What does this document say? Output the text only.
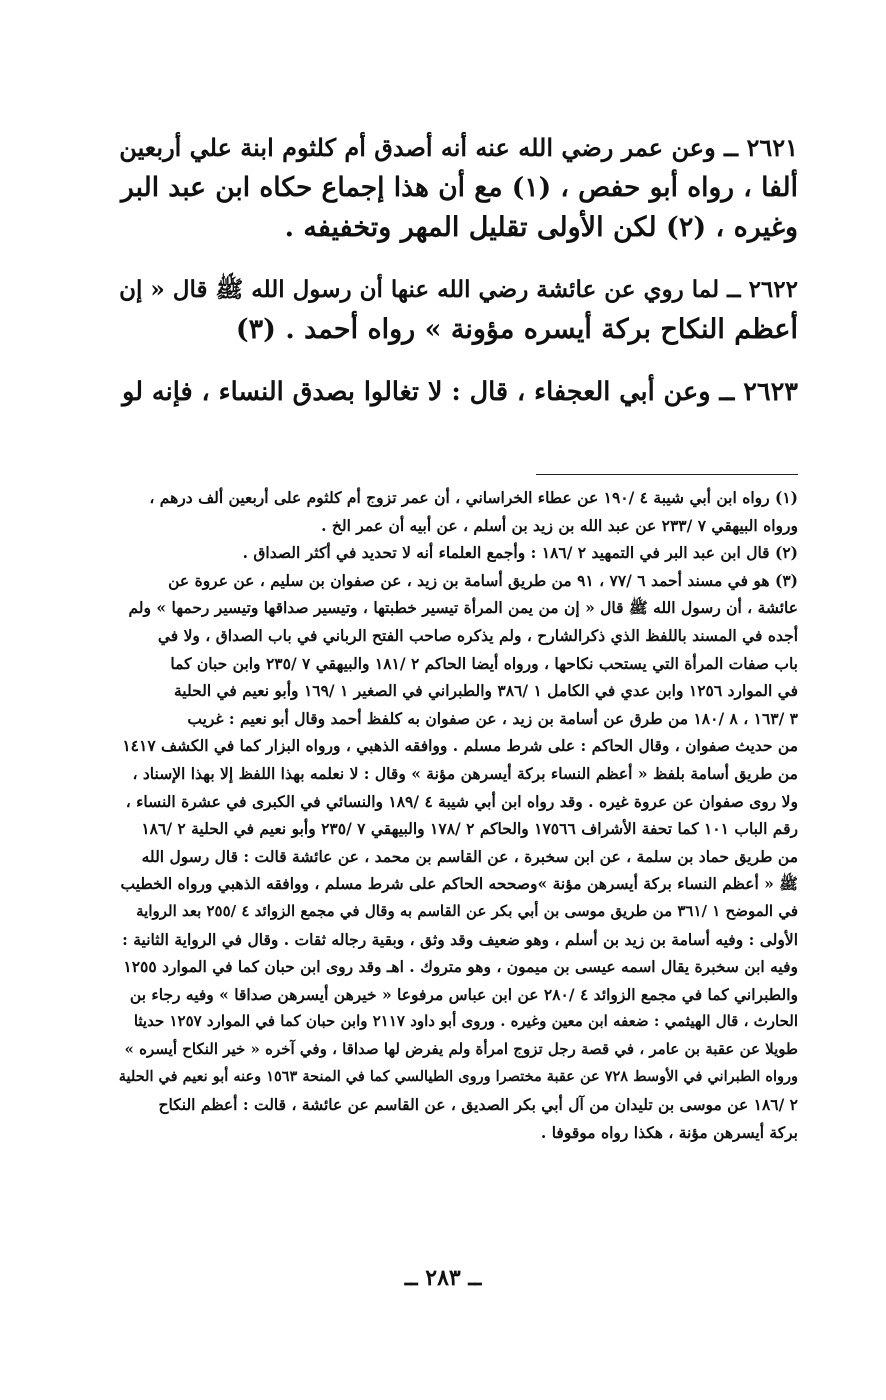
٢٦٢١ ــ وعن عمر رضي الله عنه أنه أصدق أم كلثوم ابنة علي أربعين
ألفا ، رواه أبو حفص ، (١) مع أن هذا إجماع حكاه ابن عبد البر
وغيره ، (٢) لكن الأولى تقليل المهر وتخفيفه .
٢٦٢٢ ــ لما روي عن عائشة رضي الله عنها أن رسول الله ﷺ قال « إن
أعظم النكاح بركة أيسره مؤونة » رواه أحمد . (٣)
٢٦٢٣ ــ وعن أبي العجفاء ، قال : لا تغالوا بصدق النساء ، فإنه لو
(١) رواه ابن أبي شيبة ٤ /١٩٠ عن عطاء الخراساني ، أن عمر تزوج أم كلثوم على أربعين ألف درهم ،
ورواه البيهقي ٧ /٢٣٣ عن عبد الله بن زيد بن أسلم ، عن أبيه أن عمر الخ .
(٢) قال ابن عبد البر في التمهيد ٢ /١٨٦ : وأجمع العلماء أنه لا تحديد في أكثر الصداق .
(٣) هو في مسند أحمد ٦ /٧٧ ، ٩١ من طريق أسامة بن زيد ، عن صفوان بن سليم ، عن عروة عن
عائشة ، أن رسول الله ﷺ قال « إن من يمن المرأة تيسير خطبتها ، وتيسير صداقها وتيسير رحمها » ولم
أجده في المسند باللفظ الذي ذكرالشارح ، ولم يذكره صاحب الفتح الرباني في باب الصداق ، ولا في
باب صفات المرأة التي يستحب نكاحها ، ورواه أيضا الحاكم ٢ /١٨١ والبيهقي ٧ /٢٣٥ وابن حبان كما
في الموارد ١٢٥٦ وابن عدي في الكامل ١ /٣٨٦ والطبراني في الصغير ١ /١٦٩ وأبو نعيم في الحلية
٣ /١٦٣ ، ٨ /١٨٠ من طرق عن أسامة بن زيد ، عن صفوان به كلفظ أحمد وقال أبو نعيم : غريب
من حديث صفوان ، وقال الحاكم : على شرط مسلم . ووافقه الذهبي ، ورواه البزار كما في الكشف ١٤١٧
من طريق أسامة بلفظ « أعظم النساء بركة أيسرهن مؤنة » وقال : لا نعلمه بهذا اللفظ إلا بهذا الإسناد ،
ولا روى صفوان عن عروة غيره . وقد رواه ابن أبي شيبة ٤ /١٨٩ والنسائي في الكبرى في عشرة النساء ،
رقم الباب ١٠١ كما تحفة الأشراف ١٧٥٦٦ والحاكم ٢ /١٧٨ والبيهقي ٧ /٢٣٥ وأبو نعيم في الحلية ٢ /١٨٦
من طريق حماد بن سلمة ، عن ابن سخبرة ، عن القاسم بن محمد ، عن عائشة قالت : قال رسول الله
ﷺ « أعظم النساء بركة أيسرهن مؤنة »وصححه الحاكم على شرط مسلم ، ووافقه الذهبي ورواه الخطيب
في الموضح ١ /٣٦١ من طريق موسى بن أبي بكر عن القاسم به وقال في مجمع الزوائد ٤ /٢٥٥ بعد الرواية
الأولى : وفيه أسامة بن زيد بن أسلم ، وهو ضعيف وقد وثق ، وبقية رجاله ثقات . وقال في الرواية الثانية :
وفيه ابن سخبرة يقال اسمه عيسى بن ميمون ، وهو متروك . اهـ وقد روى ابن حبان كما في الموارد ١٢٥٥
والطبراني كما في مجمع الزوائد ٤ /٢٨٠ عن ابن عباس مرفوعا « خيرهن أيسرهن صداقا » وفيه رجاء بن
الحارث ، قال الهيثمي : ضعفه ابن معين وغيره . وروى أبو داود ٢١١٧ وابن حبان كما في الموارد ١٢٥٧ حديثا
طويلا عن عقبة بن عامر ، في قصة رجل تزوج امرأة ولم يفرض لها صداقا ، وفي آخره « خير النكاح أيسره »
ورواه الطبراني في الأوسط ٧٢٨ عن عقبة مختصرا وروى الطيالسي كما في المنحة ١٥٦٣ وعنه أبو نعيم في الحلية
٢ /١٨٦ عن موسى بن تليدان من آل أبي بكر الصديق ، عن القاسم عن عائشة ، قالت : أعظم النكاح
بركة أيسرهن مؤنة ، هكذا رواه موقوفا .
ــ ٢٨٣ ــ
